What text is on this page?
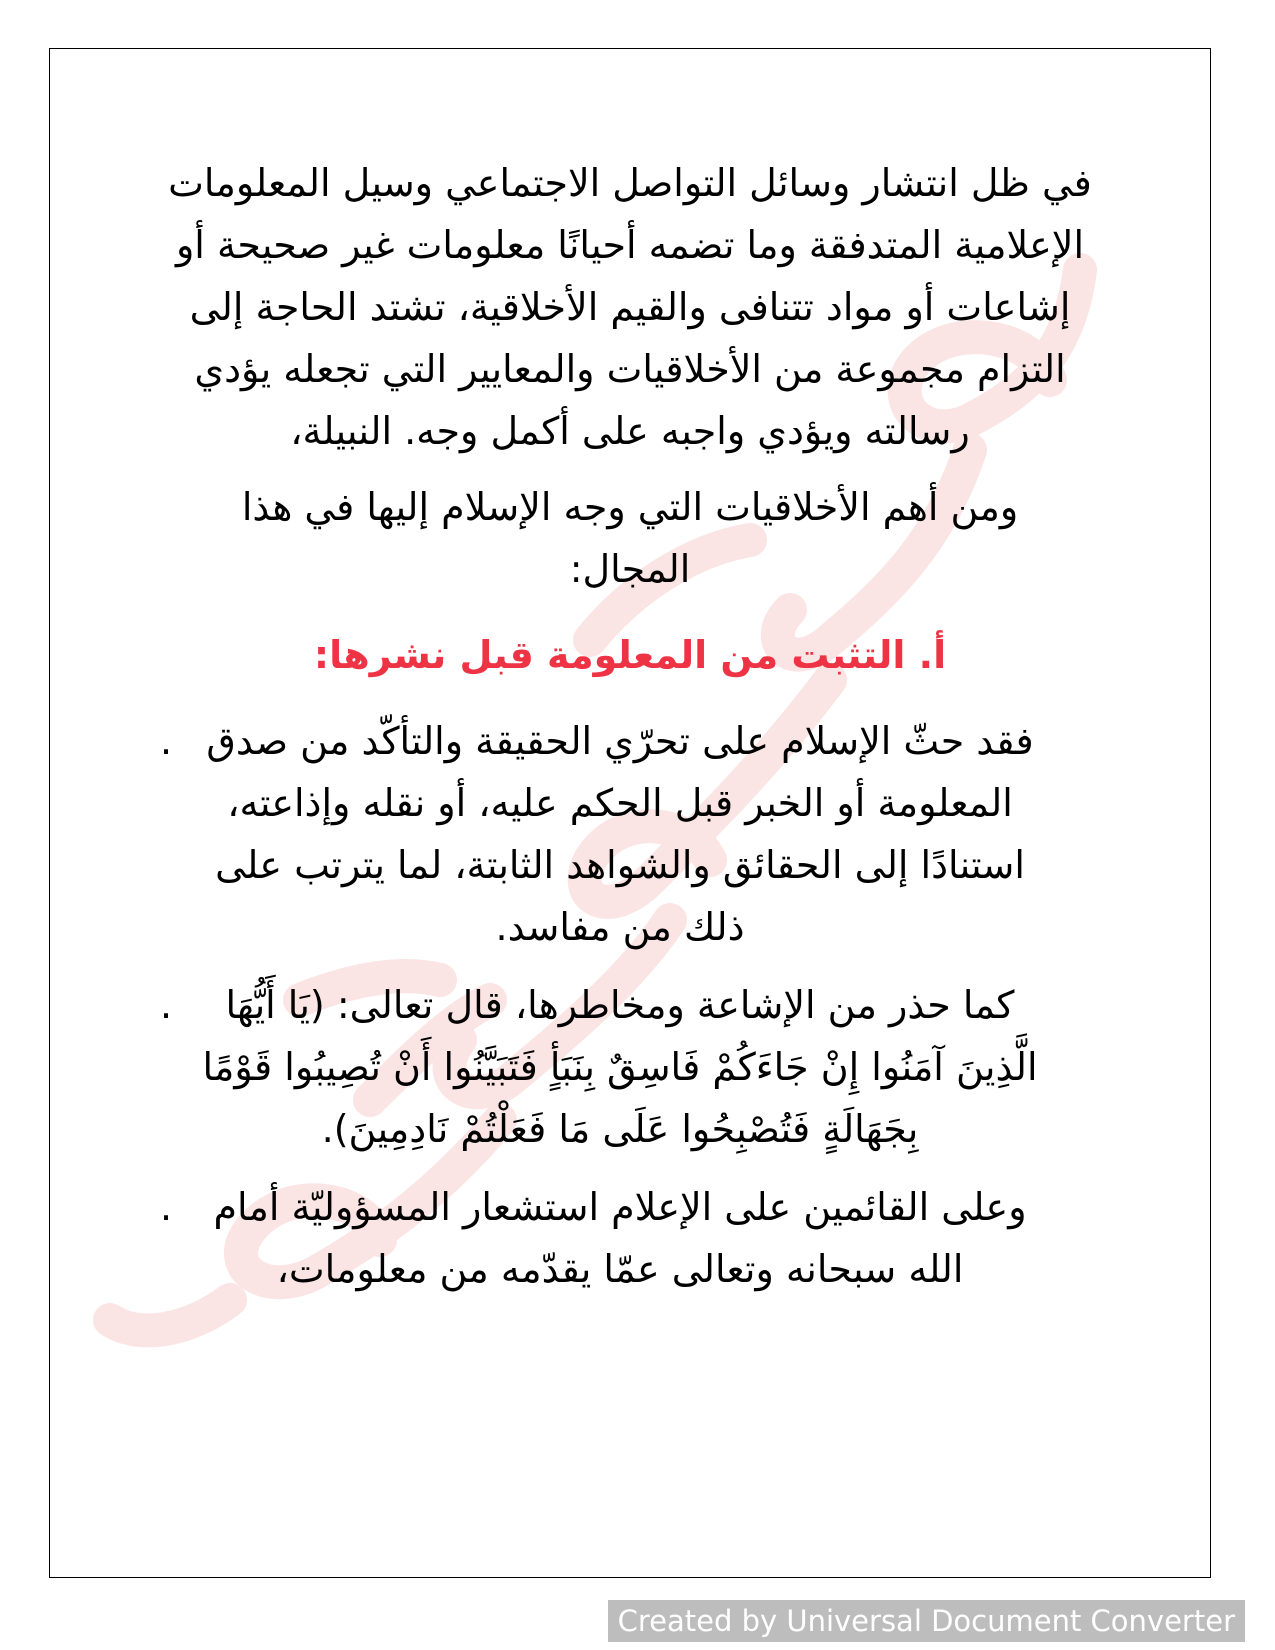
في ظل انتشار وسائل التواصل الاجتماعي وسيل المعلومات الإعلامية المتدفقة وما تضمه أحيانًا معلومات غير صحيحة أو إشاعات أو مواد تتنافى والقيم الأخلاقية، تشتد الحاجة إلى التزام مجموعة من الأخلاقيات والمعايير التي تجعله يؤدي رسالته ويؤدي واجبه على أكمل وجه. النبيلة،

ومن أهم الأخلاقيات التي وجه الإسلام إليها في هذا المجال:

أ. التثبت من المعلومة قبل نشرها:
. فقد حثّ الإسلام على تحرّي الحقيقة والتأكّد من صدق المعلومة أو الخبر قبل الحكم عليه، أو نقله وإذاعته، استنادًا إلى الحقائق والشواهد الثابتة، لما يترتب على ذلك من مفاسد.
. كما حذر من الإشاعة ومخاطرها، قال تعالى: (يَا أَيُّهَا الَّذِينَ آمَنُوا إِنْ جَاءَكُمْ فَاسِقٌ بِنَبَأٍ فَتَبَيَّنُوا أَنْ تُصِيبُوا قَوْمًا بِجَهَالَةٍ فَتُصْبِحُوا عَلَى مَا فَعَلْتُمْ نَادِمِينَ).
. وعلى القائمين على الإعلام استشعار المسؤوليّة أمام الله سبحانه وتعالى عمّا يقدّمه من معلومات،
Created by Universal Document Converter
